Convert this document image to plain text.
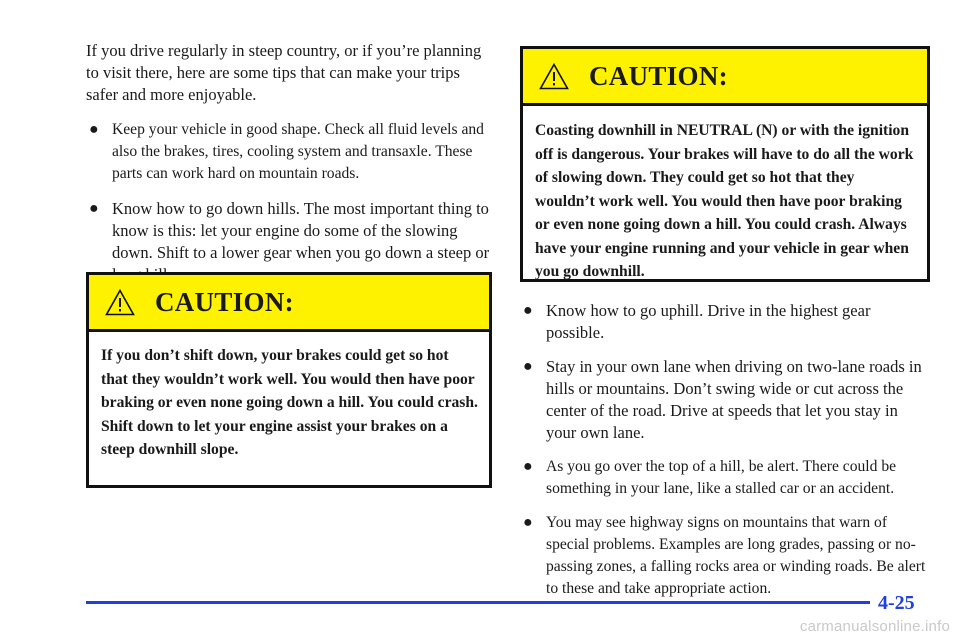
If you drive regularly in steep country, or if you’re planning to visit there, here are some tips that can make your trips safer and more enjoyable.

● Keep your vehicle in good shape. Check all fluid levels and also the brakes, tires, cooling system and transaxle. These parts can work hard on mountain roads.
● Know how to go down hills. The most important thing to know is this: let your engine do some of the slowing down. Shift to a lower gear when you go down a steep or
CAUTION:
If you don’t shift down, your brakes could get so hot that they wouldn’t work well. You would then have poor braking or even none going down a hill. You could crash. Shift down to let your engine assist your brakes on a steep downhill slope.
CAUTION:
Coasting downhill in NEUTRAL (N) or with the ignition off is dangerous. Your brakes will have to do all the work of slowing down. They could get so hot that they wouldn’t work well. You would then have poor braking or even none going down a hill. You could crash. Always have your engine running and your vehicle in gear when you go downhill.
● Know how to go uphill. Drive in the highest gear possible.
● Stay in your own lane when driving on two-lane roads in hills or mountains. Don’t swing wide or cut across the center of the road. Drive at speeds that let you stay in your own lane.
● As you go over the top of a hill, be alert. There could be something in your lane, like a stalled car or an accident.
● You may see highway signs on mountains that warn of special problems. Examples are long grades, passing or no-passing zones, a falling rocks area or winding roads. Be alert to these and take appropriate action.
4-25
carmanualsonline.info
